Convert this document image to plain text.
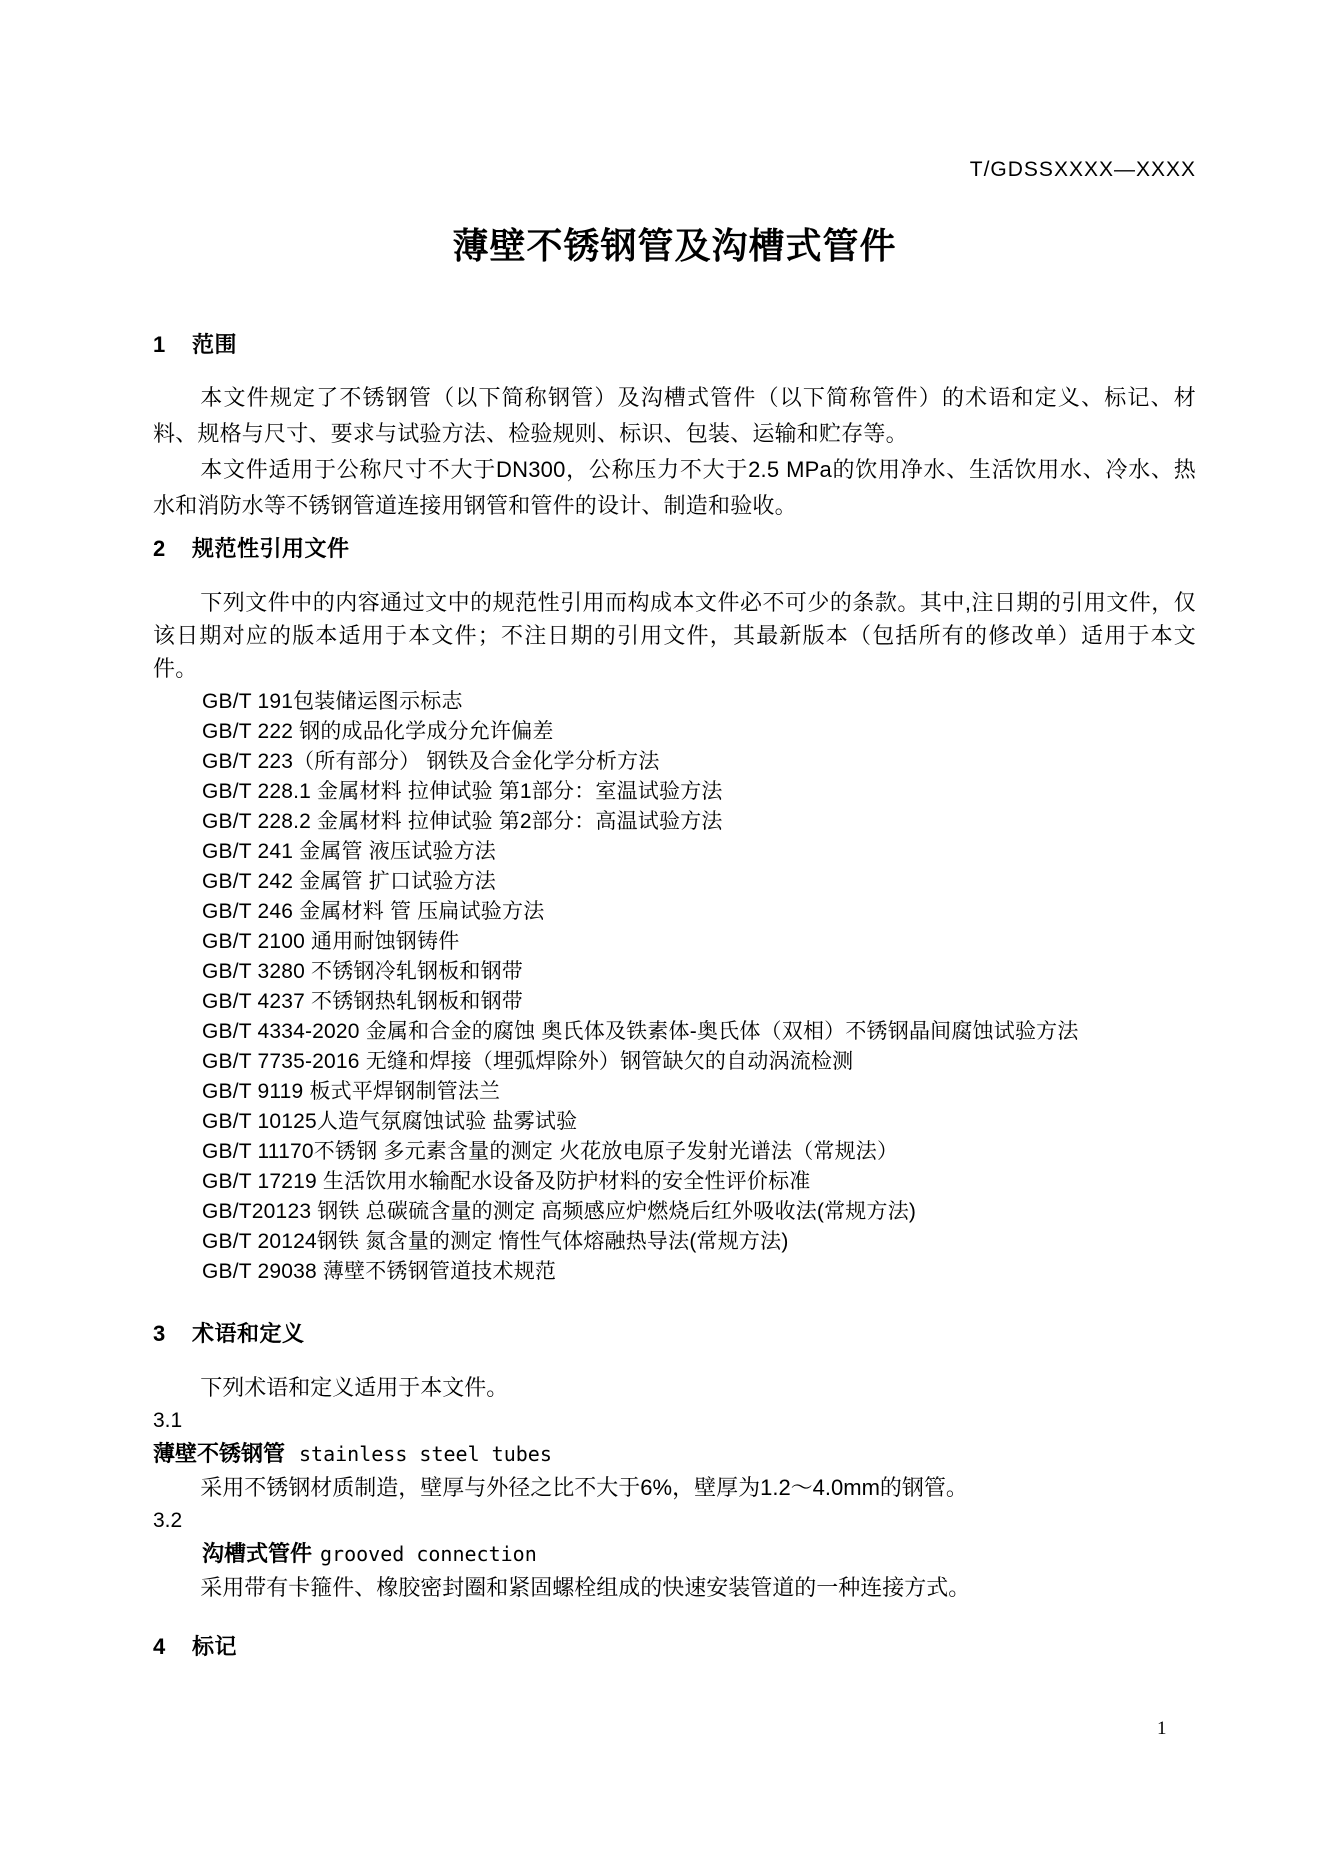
T/GDSSXXXX—XXXX
薄壁不锈钢管及沟槽式管件
1 范围

本文件规定了不锈钢管（以下简称钢管）及沟槽式管件（以下简称管件）的术语和定义、标记、材料、规格与尺寸、要求与试验方法、检验规则、标识、包装、运输和贮存等。

本文件适用于公称尺寸不大于DN300，公称压力不大于2.5 MPa的饮用净水、生活饮用水、冷水、热水和消防水等不锈钢管道连接用钢管和管件的设计、制造和验收。

2 规范性引用文件

下列文件中的内容通过文中的规范性引用而构成本文件必不可少的条款。其中,注日期的引用文件，仅该日期对应的版本适用于本文件；不注日期的引用文件，其最新版本（包括所有的修改单）适用于本文件。

GB/T 191包装储运图示标志
GB/T 222 钢的成品化学成分允许偏差
GB/T 223（所有部分） 钢铁及合金化学分析方法
GB/T 228.1 金属材料 拉伸试验 第1部分：室温试验方法
GB/T 228.2 金属材料 拉伸试验 第2部分：高温试验方法
GB/T 241 金属管 液压试验方法
GB/T 242 金属管 扩口试验方法
GB/T 246 金属材料 管 压扁试验方法
GB/T 2100 通用耐蚀钢铸件
GB/T 3280 不锈钢冷轧钢板和钢带
GB/T 4237 不锈钢热轧钢板和钢带
GB/T 4334-2020 金属和合金的腐蚀 奥氏体及铁素体-奥氏体（双相）不锈钢晶间腐蚀试验方法
GB/T 7735-2016 无缝和焊接（埋弧焊除外）钢管缺欠的自动涡流检测
GB/T 9119 板式平焊钢制管法兰
GB/T 10125人造气氛腐蚀试验 盐雾试验
GB/T 11170不锈钢 多元素含量的测定 火花放电原子发射光谱法（常规法）
GB/T 17219 生活饮用水输配水设备及防护材料的安全性评价标准
GB/T20123 钢铁 总碳硫含量的测定 高频感应炉燃烧后红外吸收法(常规方法)
GB/T 20124钢铁 氮含量的测定 惰性气体熔融热导法(常规方法)
GB/T 29038 薄壁不锈钢管道技术规范
3 术语和定义

下列术语和定义适用于本文件。

3.1
薄壁不锈钢管 stainless steel tubes

采用不锈钢材质制造，壁厚与外径之比不大于6%，壁厚为1.2～4.0mm的钢管。

3.2
沟槽式管件 grooved connection

采用带有卡箍件、橡胶密封圈和紧固螺栓组成的快速安装管道的一种连接方式。

4 标记
1
